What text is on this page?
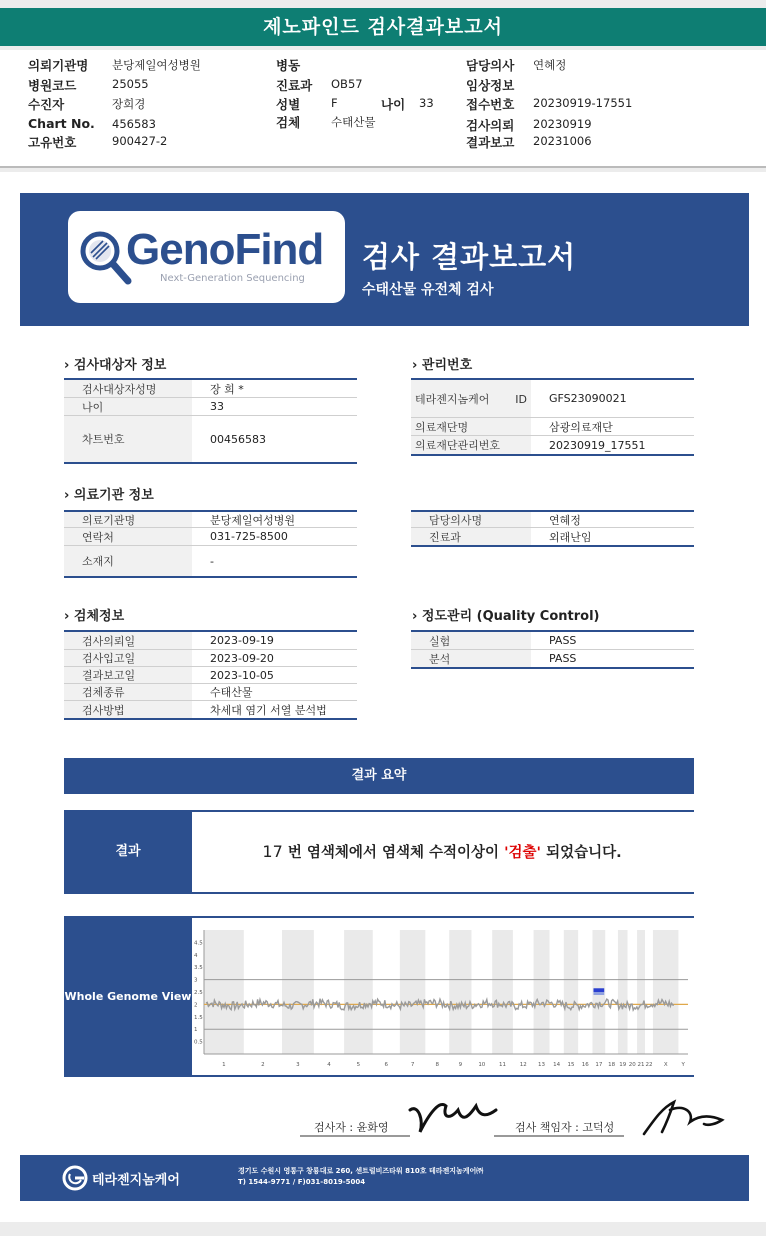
제노파인드 검사결과보고서
의뢰기관명 분당제일여성병원
병원코드	25055
수진자	장희경
Chart No. 456583
고유번호	900427-2
병동
진료과 OB57
성별	F	나이 33
검체	수태산물
담당의사 연혜정
임상정보
접수번호 20230919-17551
검사의뢰 20230919
결과보고 20231006
GenoFind
Next-Generation Sequencing
검사 결과보고서
수태산물 유전체 검사
› 검사대상자 정보
검사대상자성명	장 희 *
나이	33
차트번호	00456583
› 관리번호
테라젠지놈케어 ID	GFS23090021
의료재단명	삼광의료재단
의료재단관리번호	20230919_17551
› 의료기관 정보
의료기관명	분당제일여성병원
연락처	031-725-8500
소재지	-
담당의사명	연혜정
진료과	외래난임
› 검체정보
검사의뢰일	2023-09-19
검사입고일	2023-09-20
결과보고일	2023-10-05
검체종류	수태산물
검사방법	차세대 염기 서열 분석법
› 정도관리 (Quality Control)
실험	PASS
분석	PASS
결과 요약
결과	17 번 염색체에서 염색체 수적이상이 '검출' 되었습니다.
Whole Genome View
4.5
4
3.5
3
2.5
2
1.5
1
0.5
1	2	3	4	5	6	7	8	9	10 11 12 13 14 15 16 17 18 19 20 21 22 X	Y
검사자 : 윤화영	검사 책임자 : 고덕성
테라젠지놈케어
경기도 수원시 영통구 창룡대로 260, 센트럴비즈타워 810호 테라젠지놈케어㈜
T) 1544-9771 / F)031-8019-5004
